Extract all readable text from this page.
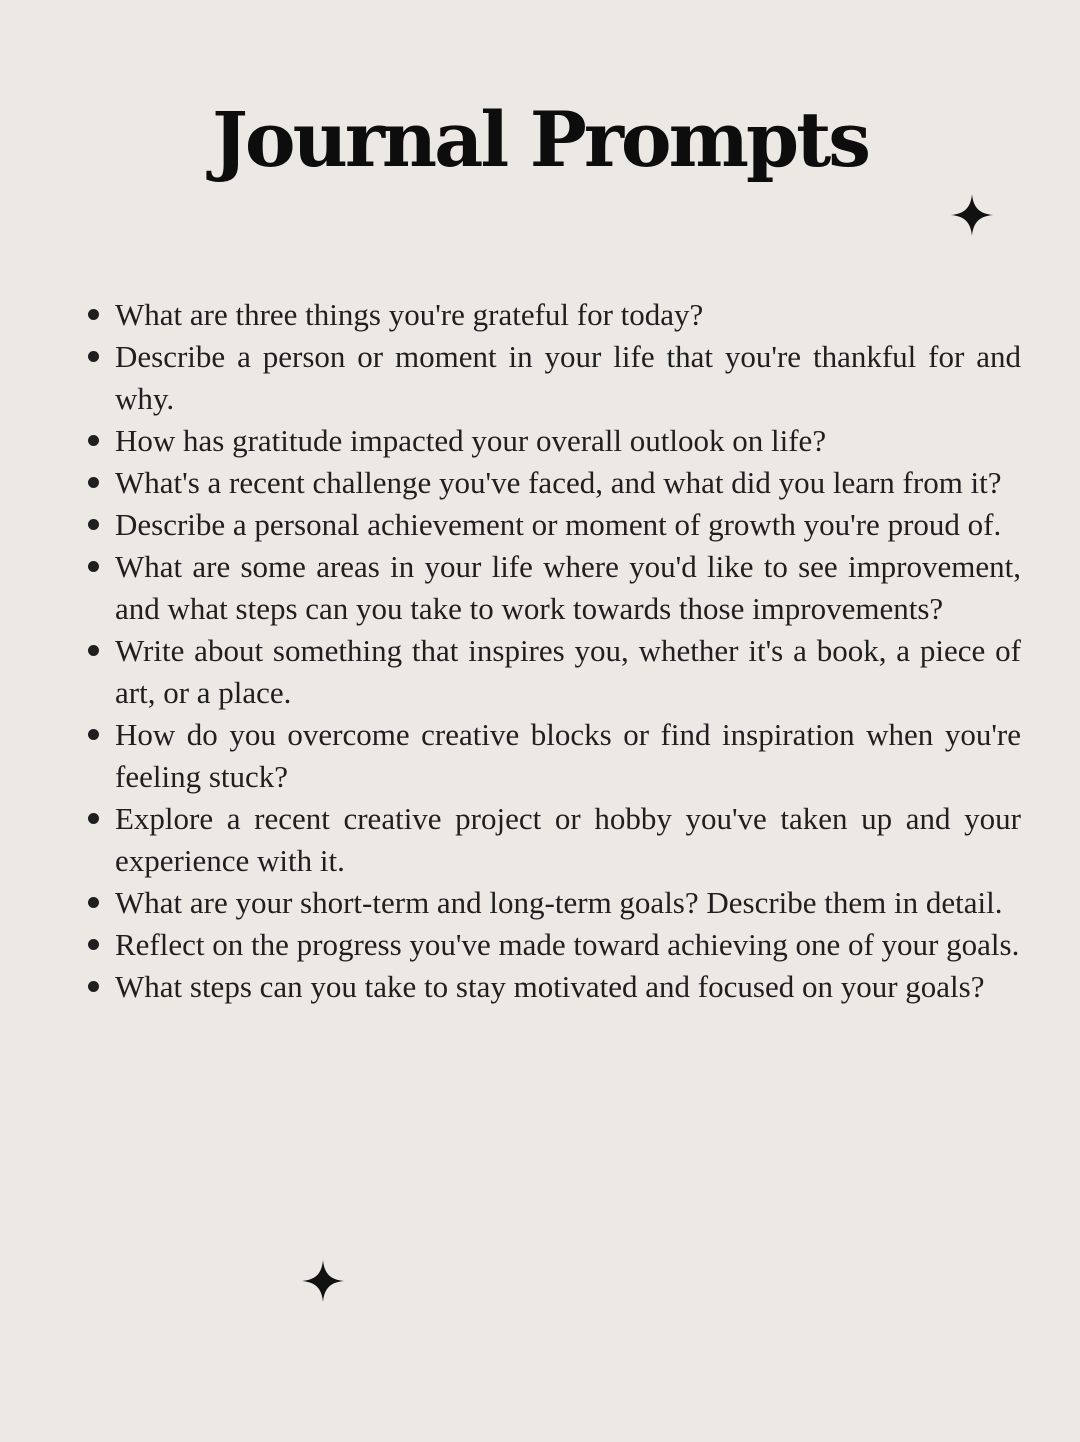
Journal Prompts
What are three things you're grateful for today?
Describe a person or moment in your life that you're thankful for and why.
How has gratitude impacted your overall outlook on life?
What's a recent challenge you've faced, and what did you learn from it?
Describe a personal achievement or moment of growth you're proud of.
What are some areas in your life where you'd like to see improvement, and what steps can you take to work towards those improvements?
Write about something that inspires you, whether it's a book, a piece of art, or a place.
How do you overcome creative blocks or find inspiration when you're feeling stuck?
Explore a recent creative project or hobby you've taken up and your experience with it.
What are your short-term and long-term goals? Describe them in detail.
Reflect on the progress you've made toward achieving one of your goals.
What steps can you take to stay motivated and focused on your goals?
